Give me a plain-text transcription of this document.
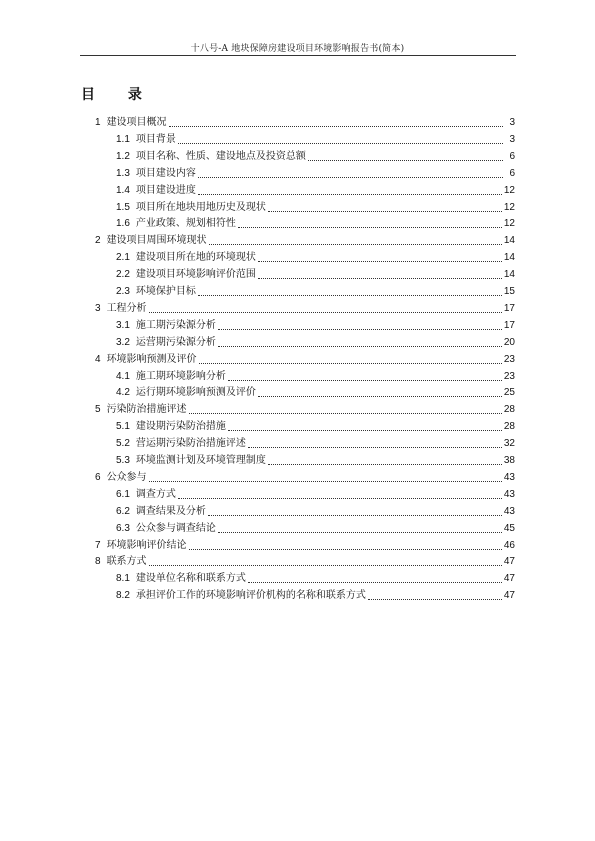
十八号-A 地块保障房建设项目环境影响报告书(简本)
目 录
1 建设项目概况	3
1.1 项目背景	3
1.2 项目名称、性质、建设地点及投资总额	6
1.3 项目建设内容	6
1.4 项目建设进度	12
1.5 项目所在地块用地历史及现状	12
1.6 产业政策、规划相符性	12
2 建设项目周围环境现状	14
2.1 建设项目所在地的环境现状	14
2.2 建设项目环境影响评价范围	14
2.3 环境保护目标	15
3 工程分析	17
3.1 施工期污染源分析	17
3.2 运营期污染源分析	20
4 环境影响预测及评价	23
4.1 施工期环境影响分析	23
4.2 运行期环境影响预测及评价	25
5 污染防治措施评述	28
5.1 建设期污染防治措施	28
5.2 营运期污染防治措施评述	32
5.3 环境监测计划及环境管理制度	38
6 公众参与	43
6.1 调查方式	43
6.2 调查结果及分析	43
6.3 公众参与调查结论	45
7 环境影响评价结论	46
8 联系方式	47
8.1 建设单位名称和联系方式	47
8.2 承担评价工作的环境影响评价机构的名称和联系方式	47
